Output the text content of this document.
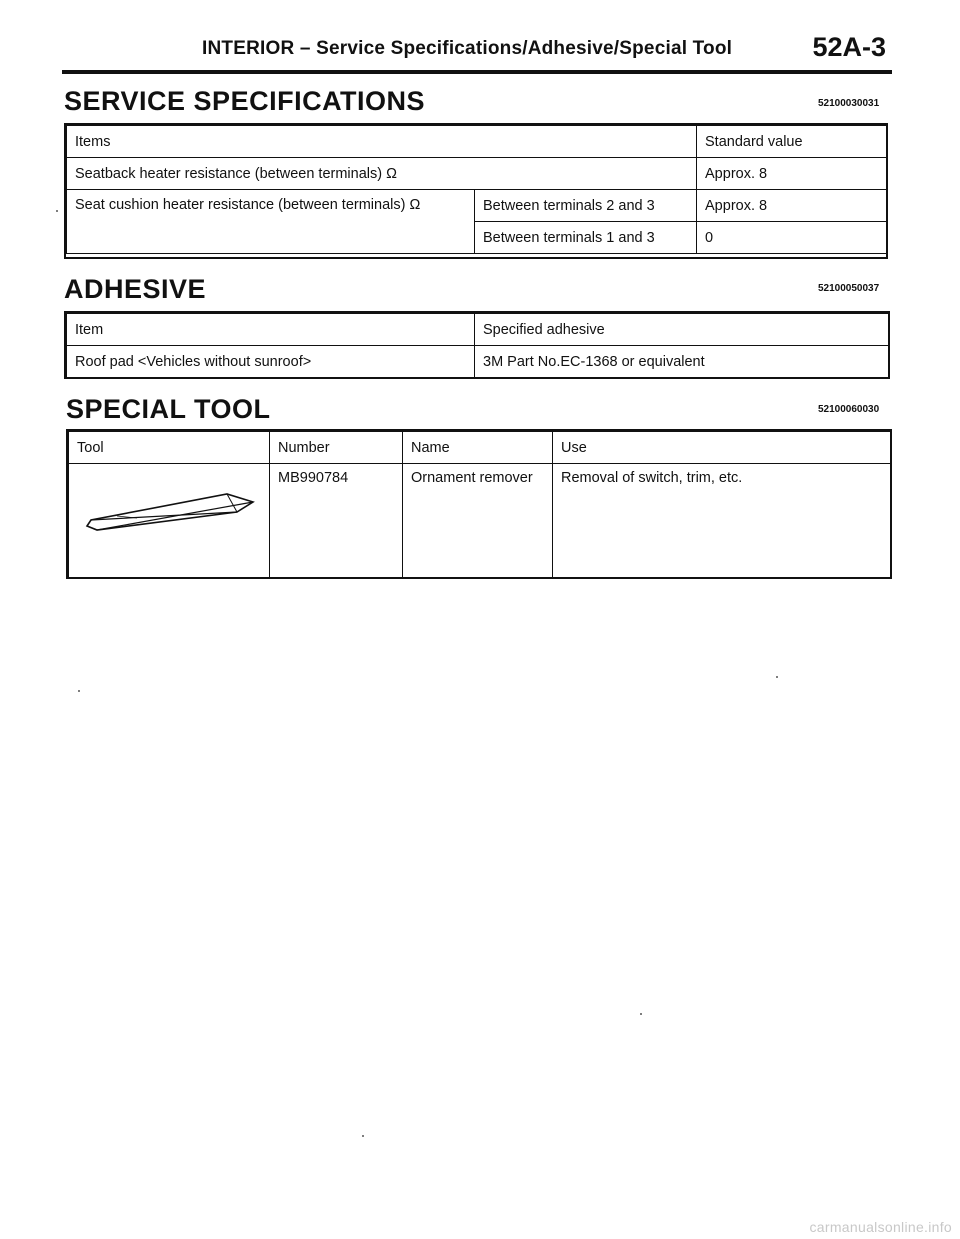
INTERIOR – Service Specifications/Adhesive/Special Tool	52A-3
SERVICE SPECIFICATIONS	52100030031
Items		Standard value
Seatback heater resistance (between terminals) Ω		Approx. 8
Seat cushion heater resistance (between terminals) Ω	Between terminals 2 and 3	Approx. 8
	Between terminals 1 and 3	0
ADHESIVE	52100050037
Item	Specified adhesive
Roof pad <Vehicles without sunroof>	3M Part No.EC-1368 or equivalent
SPECIAL TOOL	52100060030
Tool	Number	Name	Use

	MB990784	Ornament remover	Removal of switch, trim, etc.
carmanualsonline.info
